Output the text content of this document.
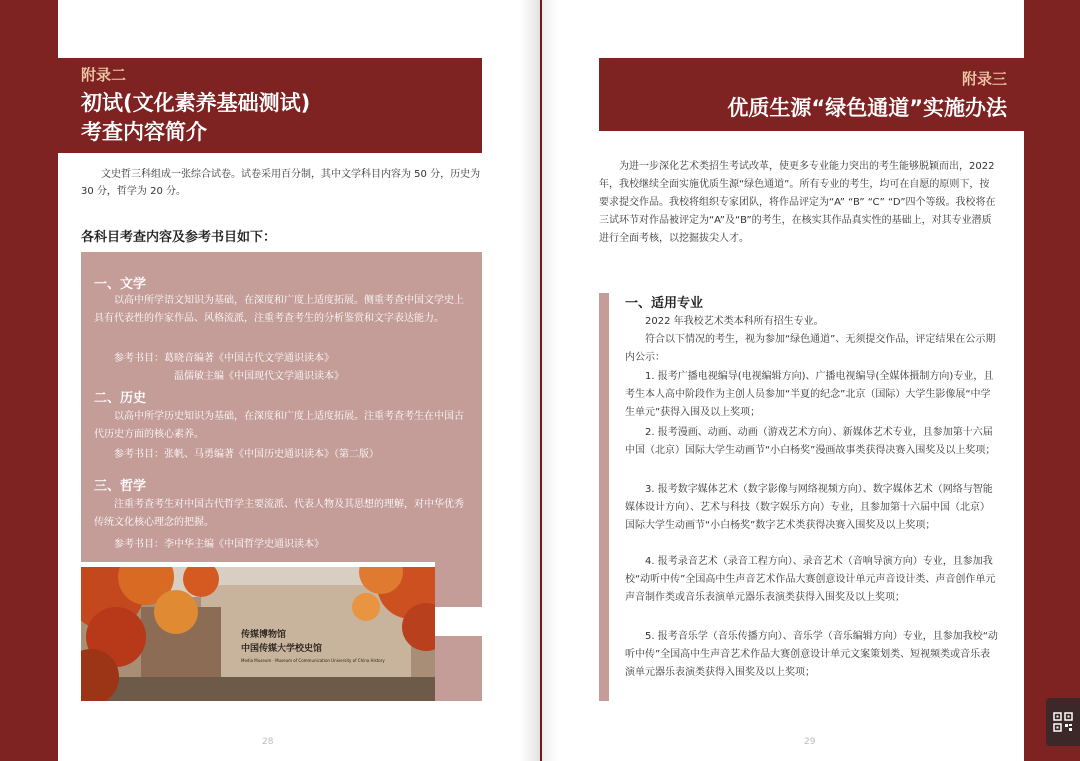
附录二
初试(文化素养基础测试)
考查内容简介

文史哲三科组成一张综合试卷。试卷采用百分制，其中文学科目内容为 50 分，历史为 30 分，哲学为 20 分。

各科目考查内容及参考书目如下：
一、文学

以高中所学语文知识为基础，在深度和广度上适度拓展。侧重考查中国文学史上具有代表性的作家作品、风格流派，注重考查考生的分析鉴赏和文字表达能力。

参考书目：葛晓音编著《中国古代文学通识读本》
温儒敏主编《中国现代文学通识读本》
二、历史

以高中所学历史知识为基础，在深度和广度上适度拓展。注重考查考生在中国古代历史方面的核心素养。

参考书目：张帆、马勇编著《中国历史通识读本》（第二版）
三、哲学

注重考查考生对中国古代哲学主要流派、代表人物及其思想的理解，对中华优秀传统文化核心理念的把握。

参考书目：李中华主编《中国哲学史通识读本》
传媒博物馆
中国传媒大学校史馆
Media Museum · Museum of Communication University of China History
28
附录三
优质生源“绿色通道”实施办法

为进一步深化艺术类招生考试改革，使更多专业能力突出的考生能够脱颖而出，2022 年，我校继续全面实施优质生源“绿色通道”。所有专业的考生，均可在自愿的原则下，按要求提交作品。我校将组织专家团队，将作品评定为“A” “B” “C” “D”四个等级。我校将在三试环节对作品被评定为“A”及“B”的考生，在核实其作品真实性的基础上，对其专业潜质进行全面考核，以挖掘拔尖人才。

一、适用专业

2022 年我校艺术类本科所有招生专业。

符合以下情况的考生，视为参加“绿色通道”、无须提交作品，评定结果在公示期内公示：

1. 报考广播电视编导(电视编辑方向)、广播电视编导(全媒体摄制方向)专业，且考生本人高中阶段作为主创人员参加“半夏的纪念”北京（国际）大学生影像展“中学生单元”获得入围及以上奖项；

2. 报考漫画、动画、动画（游戏艺术方向）、新媒体艺术专业，且参加第十六届中国（北京）国际大学生动画节“小白杨奖”漫画故事类获得决赛入围奖及以上奖项；

3. 报考数字媒体艺术（数字影像与网络视频方向）、数字媒体艺术（网络与智能媒体设计方向）、艺术与科技（数字娱乐方向）专业，且参加第十六届中国（北京）国际大学生动画节“小白杨奖”数字艺术类获得决赛入围奖及以上奖项；

4. 报考录音艺术（录音工程方向）、录音艺术（音响导演方向）专业，且参加我校“动听中传”全国高中生声音艺术作品大赛创意设计单元声音设计类、声音创作单元声音制作类或音乐表演单元器乐表演类获得入围奖及以上奖项；

5. 报考音乐学（音乐传播方向）、音乐学（音乐编辑方向）专业，且参加我校“动听中传”全国高中生声音艺术作品大赛创意设计单元文案策划类、短视频类或音乐表演单元器乐表演类获得入围奖及以上奖项；

29
